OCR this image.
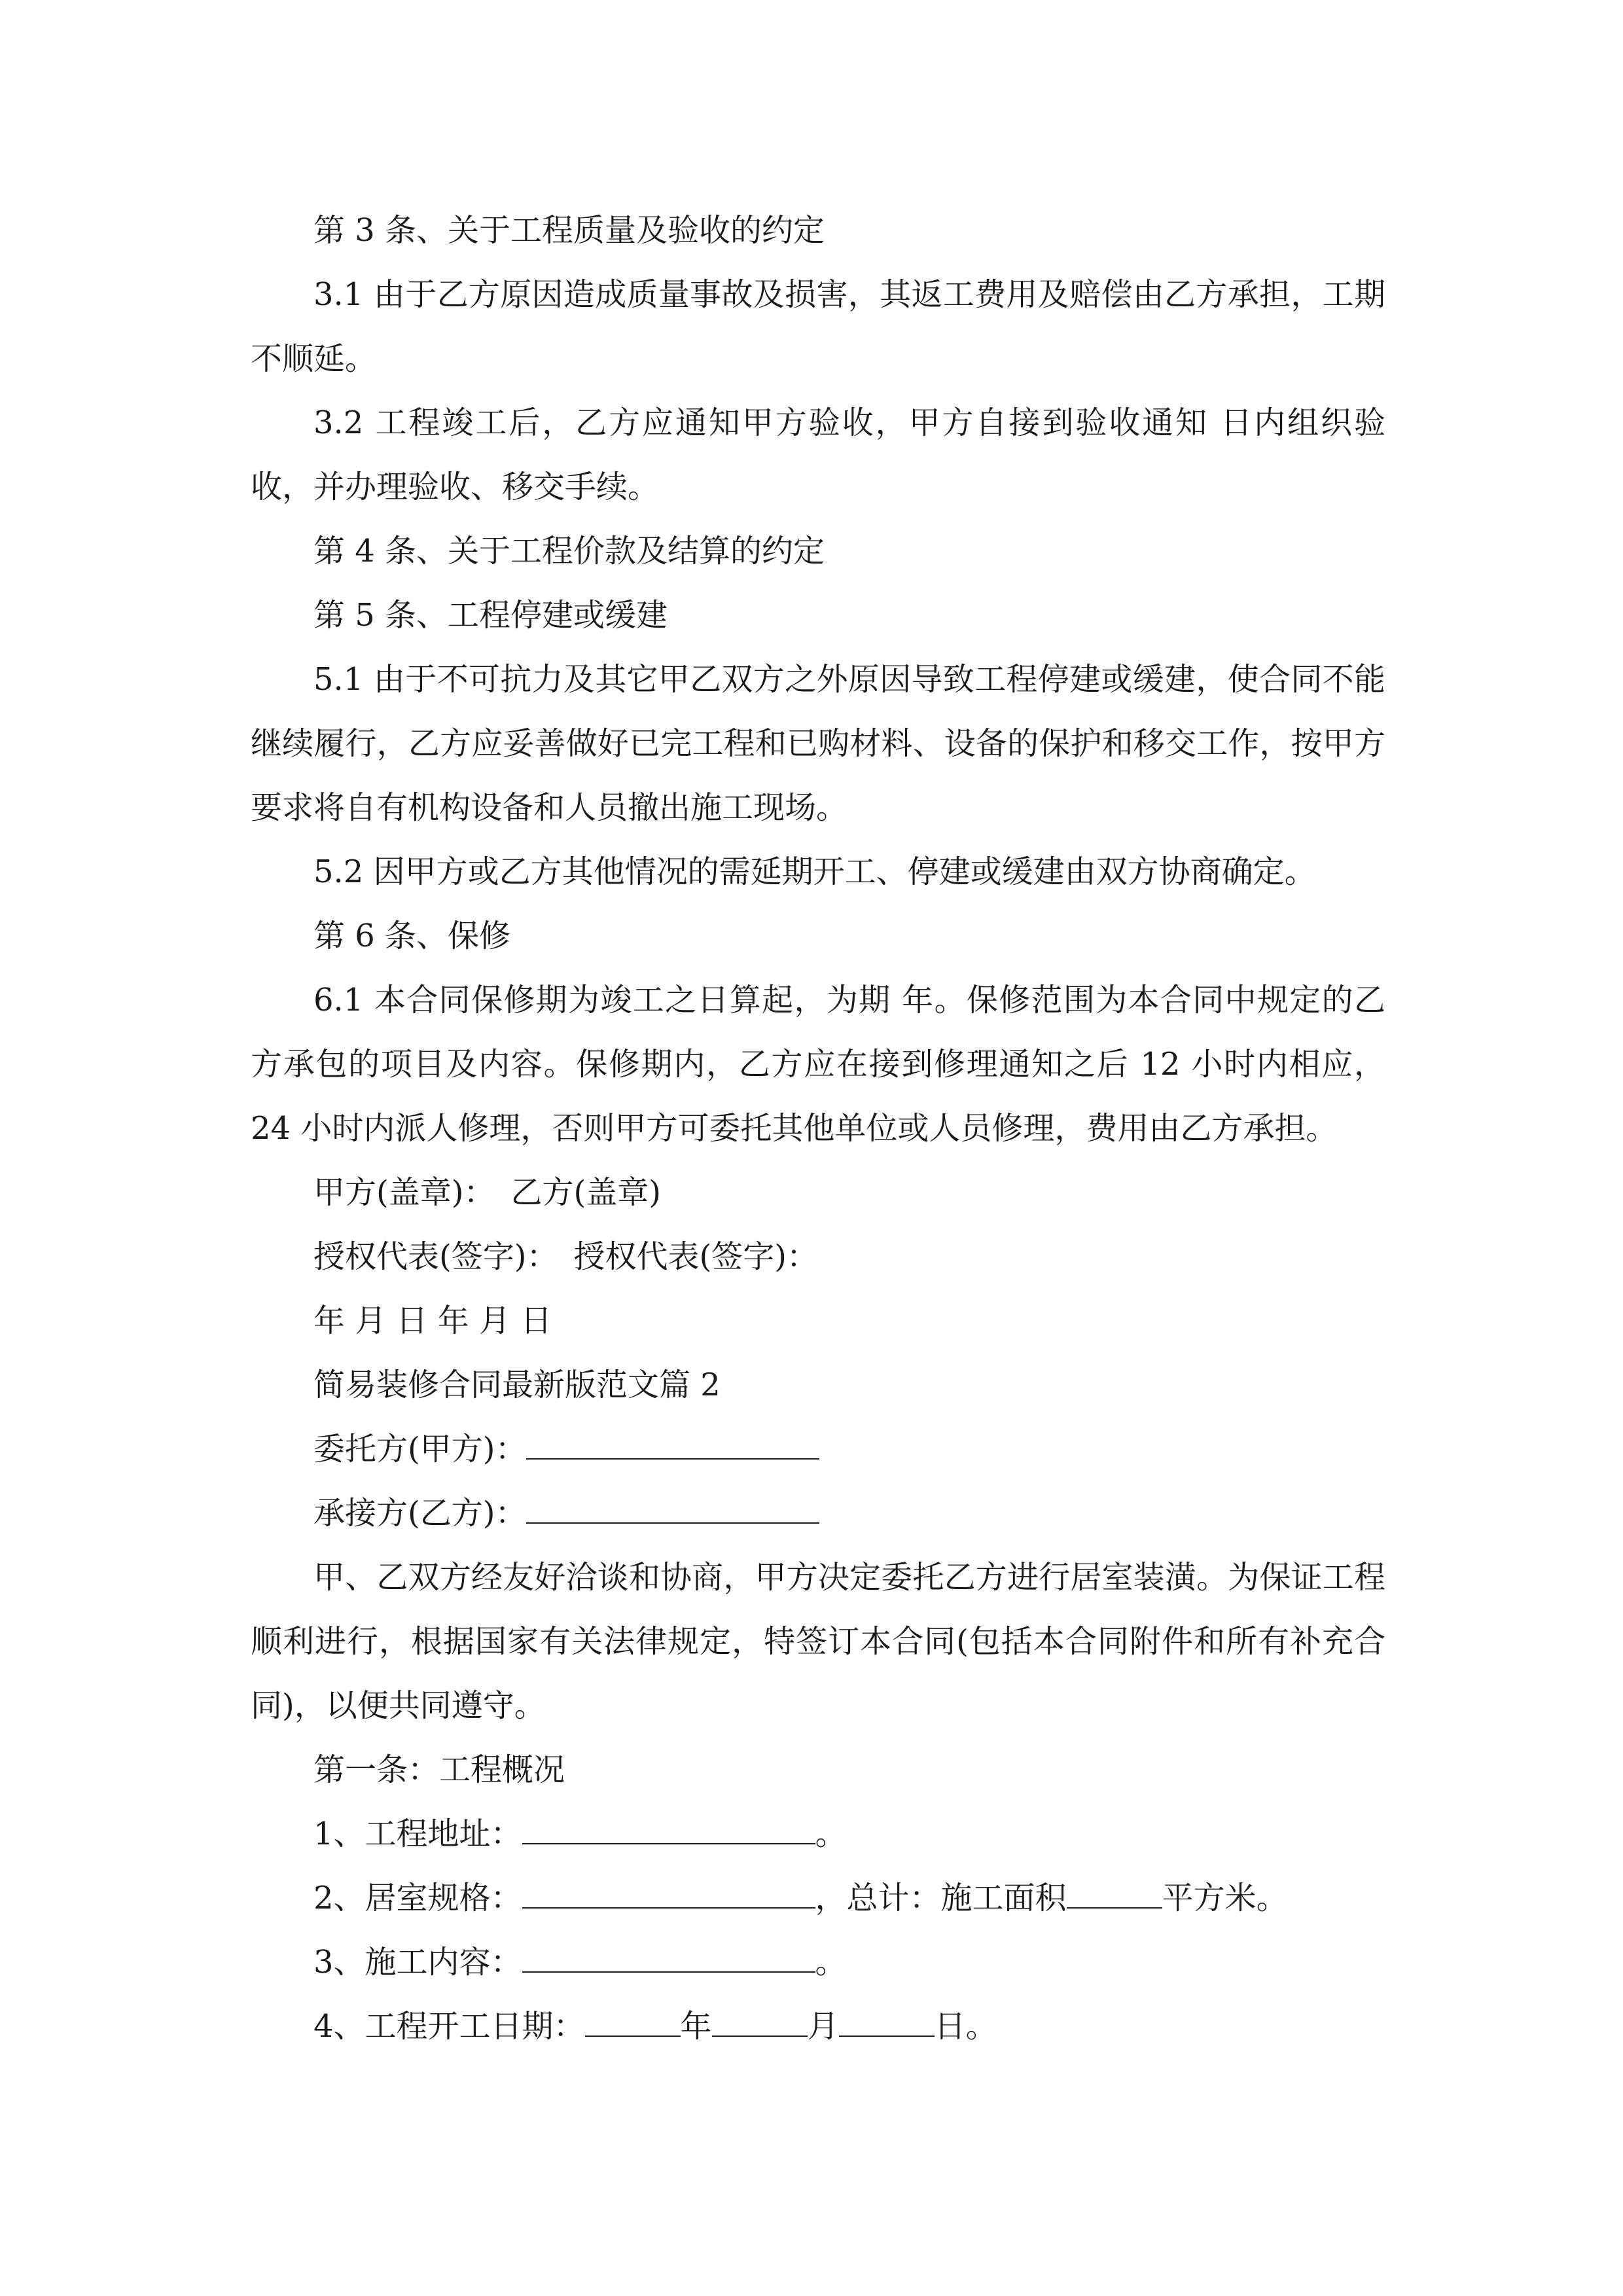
第 3 条、关于工程质量及验收的约定

3.1 由于乙方原因造成质量事故及损害，其返工费用及赔偿由乙方承担，工期不顺延。

3.2 工程竣工后，乙方应通知甲方验收，甲方自接到验收通知 日内组织验收，并办理验收、移交手续。

第 4 条、关于工程价款及结算的约定

第 5 条、工程停建或缓建

5.1 由于不可抗力及其它甲乙双方之外原因导致工程停建或缓建，使合同不能继续履行，乙方应妥善做好已完工程和已购材料、设备的保护和移交工作，按甲方要求将自有机构设备和人员撤出施工现场。

5.2 因甲方或乙方其他情况的需延期开工、停建或缓建由双方协商确定。

第 6 条、保修

6.1 本合同保修期为竣工之日算起，为期 年。保修范围为本合同中规定的乙方承包的项目及内容。保修期内，乙方应在接到修理通知之后 12 小时内相应，24 小时内派人修理，否则甲方可委托其他单位或人员修理，费用由乙方承担。

甲方(盖章)： 乙方(盖章)

授权代表(签字)： 授权代表(签字)：

年 月 日 年 月 日

简易装修合同最新版范文篇 2

委托方(甲方)：

承接方(乙方)：

甲、乙双方经友好洽谈和协商，甲方决定委托乙方进行居室装潢。为保证工程顺利进行，根据国家有关法律规定，特签订本合同(包括本合同附件和所有补充合同)，以便共同遵守。

第一条：工程概况

1、工程地址：	。

2、居室规格：	，总计：施工面积	平方米。

3、施工内容：	。

4、工程开工日期：	年	月	日。
